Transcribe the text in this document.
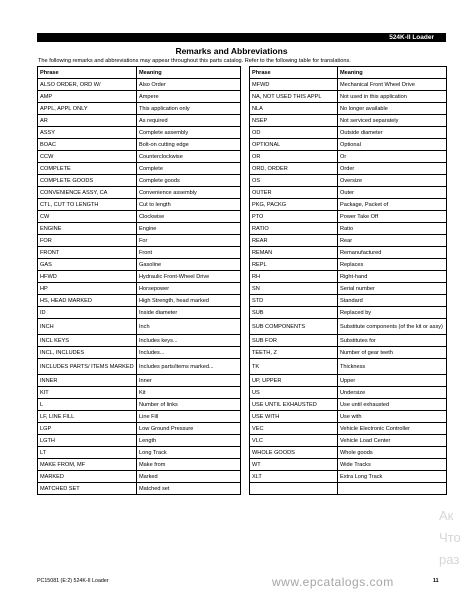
524K-II Loader
Remarks and Abbreviations
The following remarks and abbreviations may appear throughout this parts catalog. Refer to the following table for translations.
Phrase	Meaning		Phrase	Meaning
ALSO ORDER, ORD W/	Also Order		MFWD	Mechanical Front Wheel Drive
AMP	Ampere		NA, NOT USED THIS APPL	Not used in this application
APPL, APPL ONLY	This application only		NLA	No longer available
AR	As required		NSEP	Not serviced separately
ASSY	Complete assembly		OD	Outside diameter
BOAC	Bolt-on cutting edge		OPTIONAL	Optional
CCW	Counterclockwise		OR	Or
COMPLETE	Complete		ORD, ORDER	Order
COMPLETE GOODS	Complete goods		OS	Oversize
CONVENIENCE ASSY, CA	Convenience assembly		OUTER	Outer
CTL, CUT TO LENGTH	Cut to length		PKG, PACKG	Package, Packet of
CW	Clockwise		PTO	Power Take Off
ENGINE	Engine		RATIO	Ratio
FOR	For		REAR	Rear
FRONT	Front		REMAN	Remanufactured
GAS	Gasoline		REPL	Replaces
HFWD	Hydraulic Front-Wheel Drive		RH	Right-hand
HP	Horsepower		SN	Serial number
HS, HEAD MARKED	High Strength, head marked		STD	Standard
ID	Inside diameter		SUB	Replaced by
INCH	Inch		SUB COMPONENTS	Substitute components (of the kit or assy)
INCL KEYS	Includes keys...		SUB FOR	Substitutes for
INCL, INCLUDES	Includes...		TEETH, Z	Number of gear teeth
INCLUDES PARTS/ ITEMS MARKED	Includes parts/items marked...		TK	Thickness
INNER	Inner		UP, UPPER	Upper
KIT	Kit		US	Undersize
L	Number of links		USE UNTIL EXHAUSTED	Use until exhausted
LF, LINE FILL	Line Fill		USE WITH	Use with
LGP	Low Ground Pressure		VEC	Vehicle Electronic Controller
LGTH	Length		VLC	Vehicle Load Center
LT	Long Track		WHOLE GOODS	Whole goods
MAKE FROM, MF	Make from		WT	Wide Tracks
MARKED	Marked		XLT	Extra Long Track
MATCHED SET	Matched set			
PC15081 (E:2) 524K-II Loader	11
www.epcatalogs.com
Ак
Что
раз
